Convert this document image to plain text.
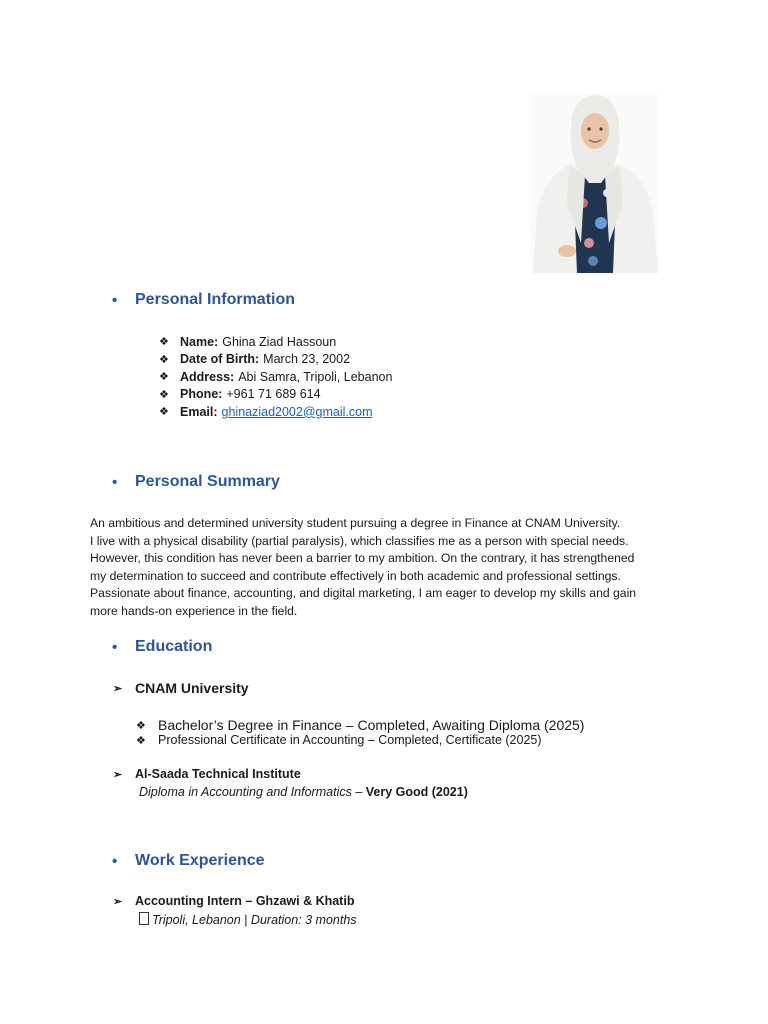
•	Personal Information
❖ Name: Ghina Ziad Hassoun
❖ Date of Birth: March 23, 2002
❖ Address: Abi Samra, Tripoli, Lebanon
❖ Phone: +961 71 689 614
❖ Email: ghinaziad2002@gmail.com
•	Personal Summary
An ambitious and determined university student pursuing a degree in Finance at CNAM University.
I live with a physical disability (partial paralysis), which classifies me as a person with special needs.
However, this condition has never been a barrier to my ambition. On the contrary, it has strengthened
my determination to succeed and contribute effectively in both academic and professional settings.
Passionate about finance, accounting, and digital marketing, I am eager to develop my skills and gain
more hands-on experience in the field.
•	Education
➢ CNAM University
❖ Bachelor’s Degree in Finance – Completed, Awaiting Diploma (2025)
❖ Professional Certificate in Accounting – Completed, Certificate (2025)
➢	Al-Saada Technical Institute
Diploma in Accounting and Informatics – Very Good (2021)
•	Work Experience
➢	Accounting Intern – Ghzawi & Khatib
Tripoli, Lebanon | Duration: 3 months
